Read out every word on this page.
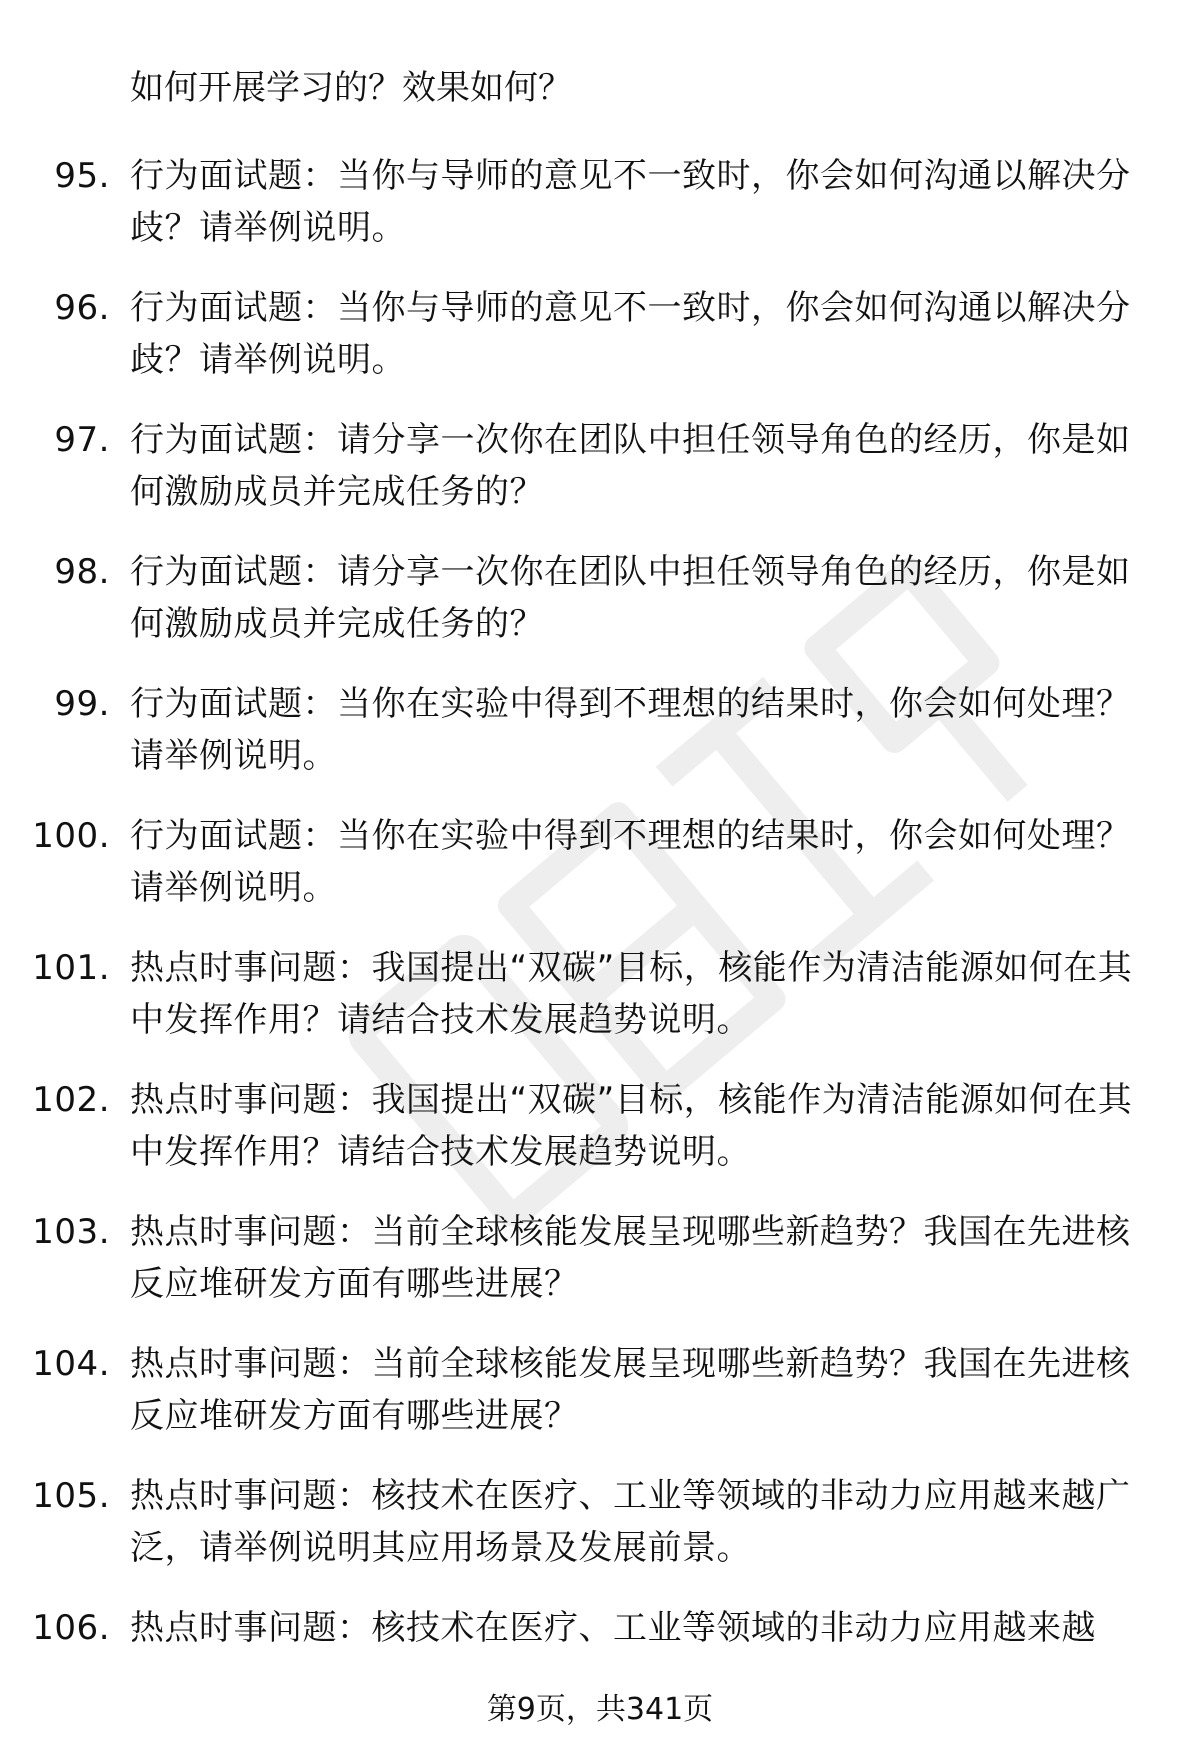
如何开展学习的？效果如何？
95. 行为面试题：当你与导师的意见不一致时，你会如何沟通以解决分歧？请举例说明。
96. 行为面试题：当你与导师的意见不一致时，你会如何沟通以解决分歧？请举例说明。
97. 行为面试题：请分享一次你在团队中担任领导角色的经历，你是如何激励成员并完成任务的？
98. 行为面试题：请分享一次你在团队中担任领导角色的经历，你是如何激励成员并完成任务的？
99. 行为面试题：当你在实验中得到不理想的结果时，你会如何处理？请举例说明。
100. 行为面试题：当你在实验中得到不理想的结果时，你会如何处理？请举例说明。
101. 热点时事问题：我国提出“双碳”目标，核能作为清洁能源如何在其中发挥作用？请结合技术发展趋势说明。
102. 热点时事问题：我国提出“双碳”目标，核能作为清洁能源如何在其中发挥作用？请结合技术发展趋势说明。
103. 热点时事问题：当前全球核能发展呈现哪些新趋势？我国在先进核反应堆研发方面有哪些进展？
104. 热点时事问题：当前全球核能发展呈现哪些新趋势？我国在先进核反应堆研发方面有哪些进展？
105. 热点时事问题：核技术在医疗、工业等领域的非动力应用越来越广泛，请举例说明其应用场景及发展前景。
106. 热点时事问题：核技术在医疗、工业等领域的非动力应用越来越
第9页，共341页
